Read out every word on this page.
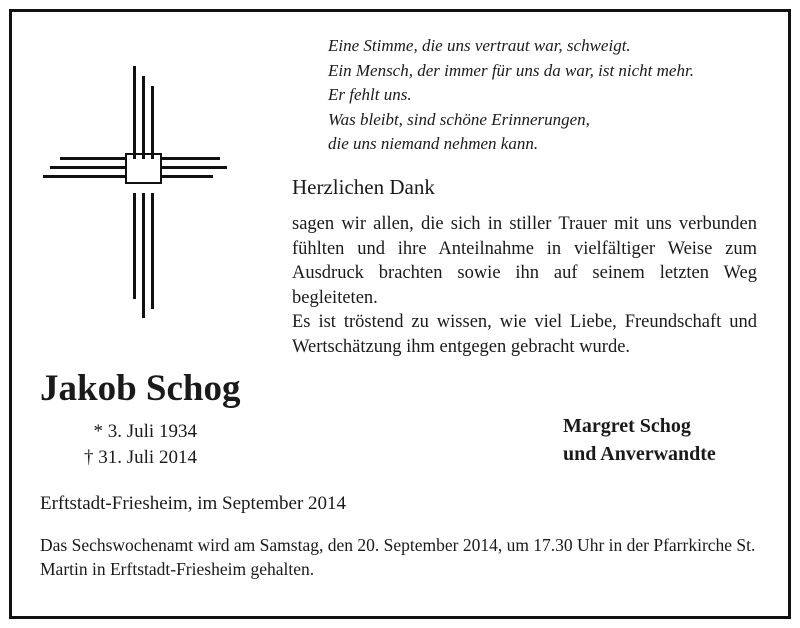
Eine Stimme, die uns vertraut war, schweigt.
Ein Mensch, der immer für uns da war, ist nicht mehr.
Er fehlt uns.
Was bleibt, sind schöne Erinnerungen,
die uns niemand nehmen kann.
Herzlichen Dank

sagen wir allen, die sich in stiller Trauer mit uns verbunden fühlten und ihre Anteilnahme in vielfältiger Weise zum Ausdruck brachten sowie ihn auf seinem letzten Weg begleiteten.

Es ist tröstend zu wissen, wie viel Liebe, Freundschaft und Wertschätzung ihm entgegen gebracht wurde.

Jakob Schog
* 3. Juli 1934
† 31. Juli 2014
Margret Schog
und Anverwandte
Erftstadt-Friesheim, im September 2014

Das Sechswochenamt wird am Samstag, den 20. September 2014, um 17.30 Uhr in der Pfarrkirche St. Martin in Erftstadt-Friesheim gehalten.
